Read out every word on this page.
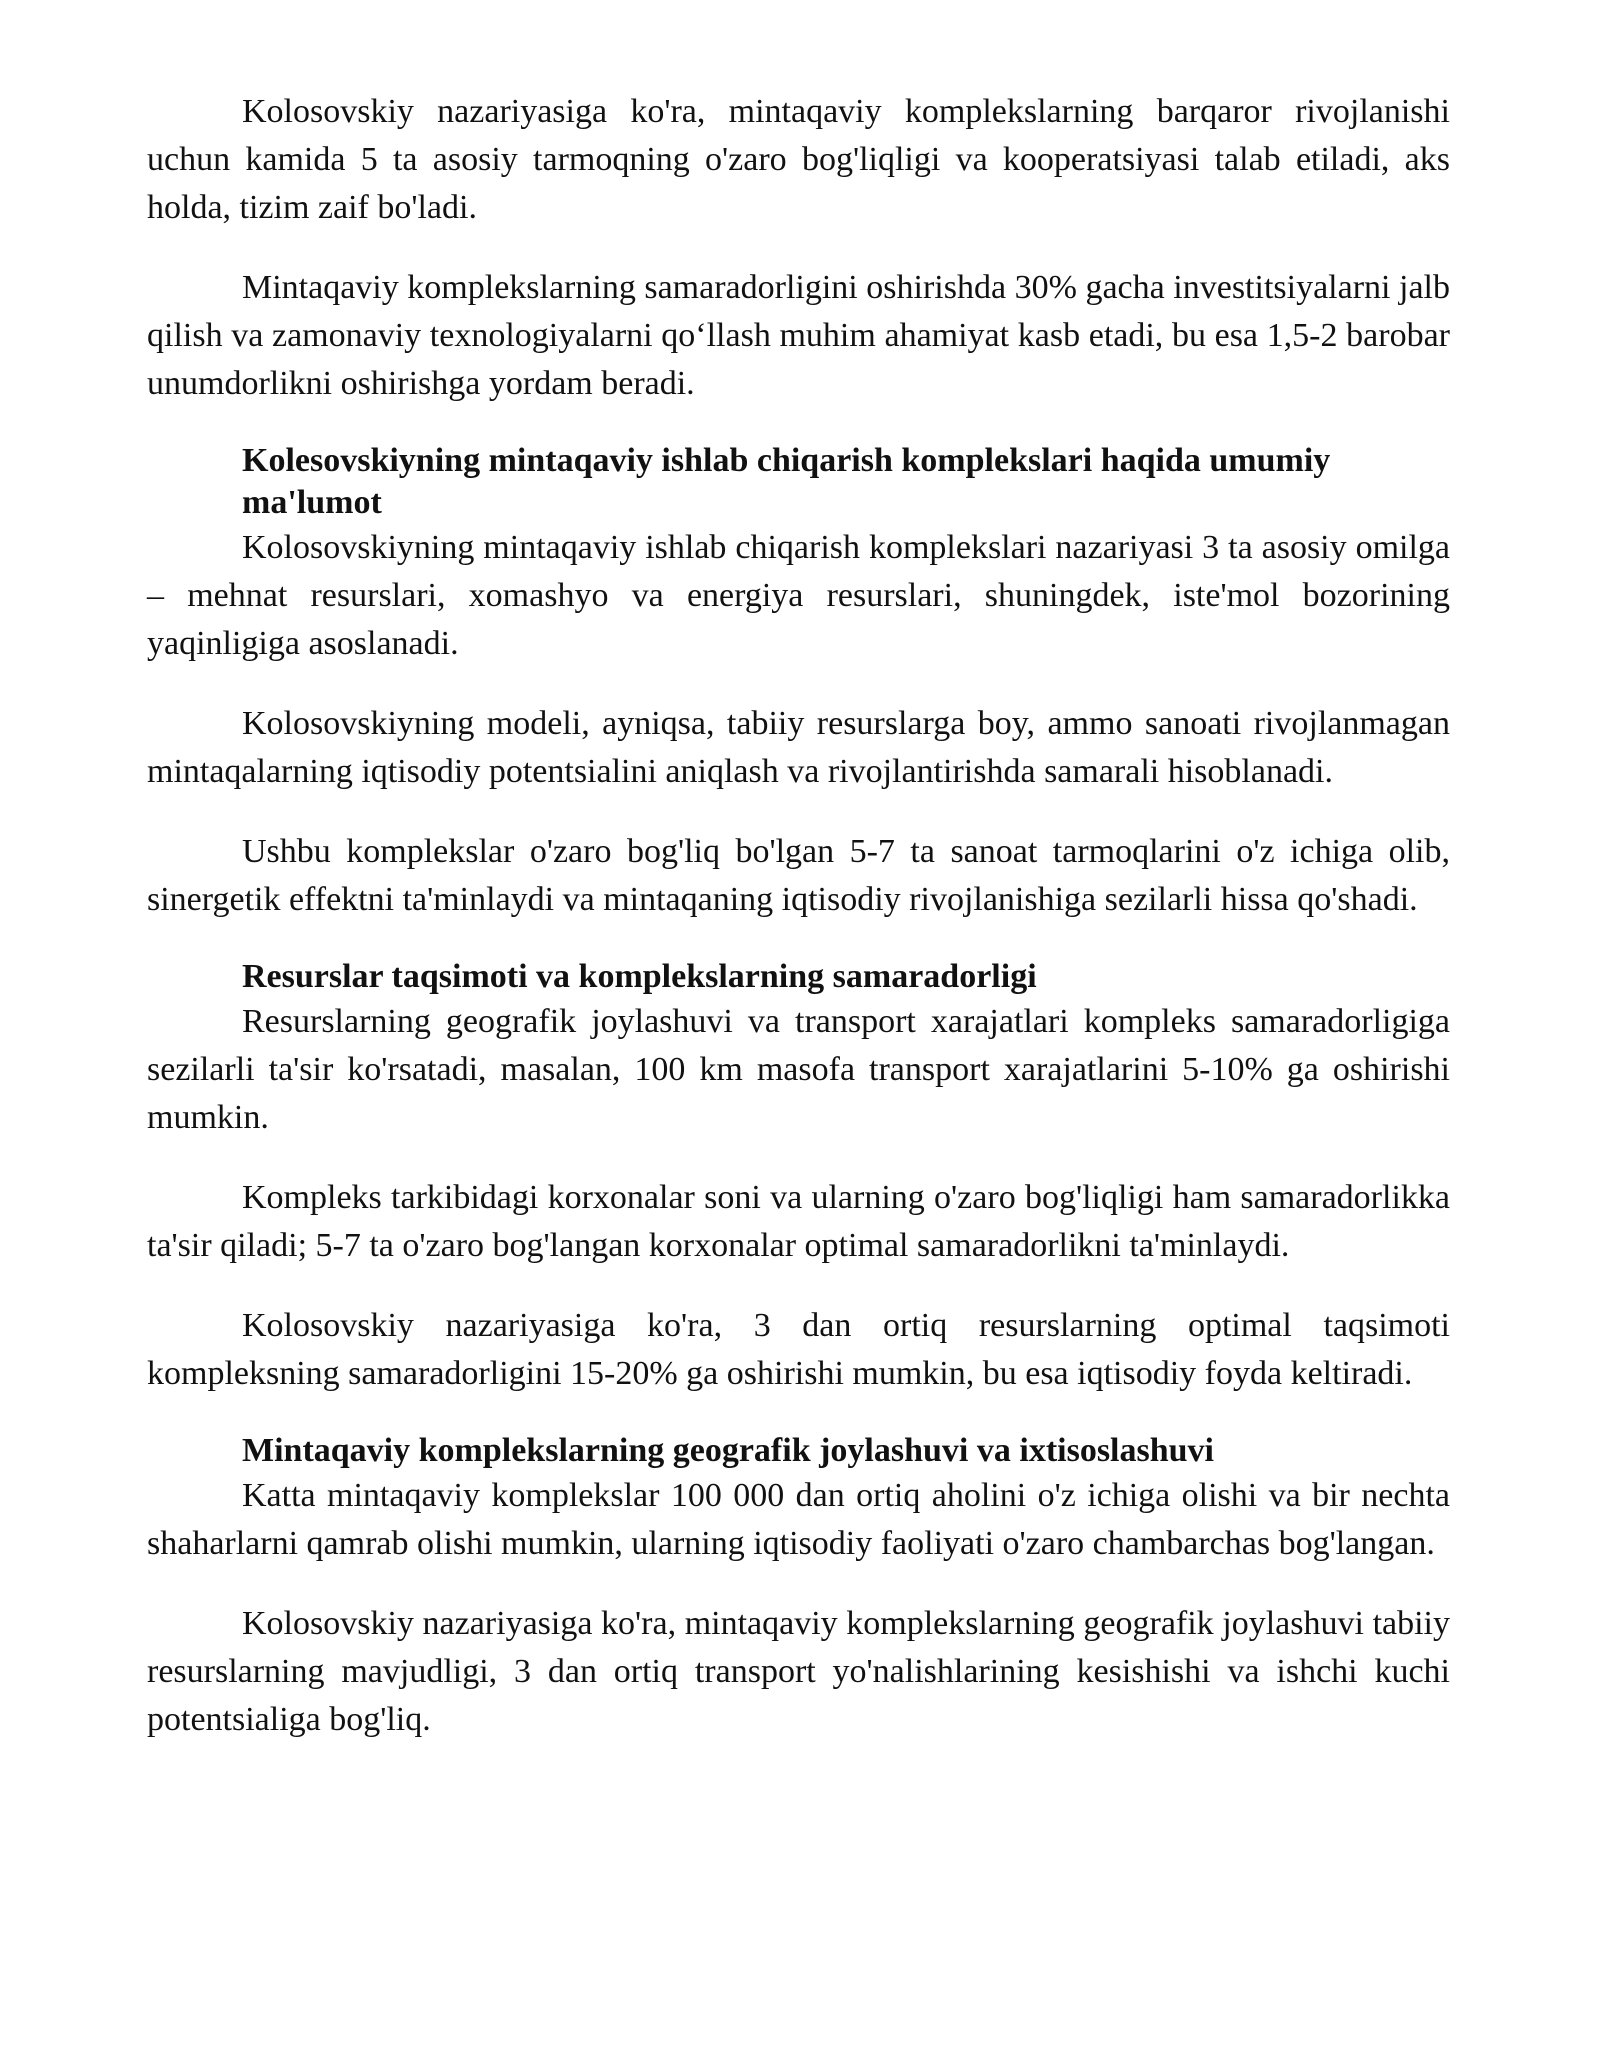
Kolosovskiy nazariyasiga ko'ra, mintaqaviy komplekslarning barqaror rivojlanishi uchun kamida 5 ta asosiy tarmoqning o'zaro bog'liqligi va kooperatsiyasi talab etiladi, aks holda, tizim zaif bo'ladi.

Mintaqaviy komplekslarning samaradorligini oshirishda 30% gacha investitsiyalarni jalb qilish va zamonaviy texnologiyalarni qo‘llash muhim ahamiyat kasb etadi, bu esa 1,5-2 barobar unumdorlikni oshirishga yordam beradi.

Kolesovskiyning mintaqaviy ishlab chiqarish komplekslari haqida umumiy ma'lumot

Kolosovskiyning mintaqaviy ishlab chiqarish komplekslari nazariyasi 3 ta asosiy omilga – mehnat resurslari, xomashyo va energiya resurslari, shuningdek, iste'mol bozorining yaqinligiga asoslanadi.

Kolosovskiyning modeli, ayniqsa, tabiiy resurslarga boy, ammo sanoati rivojlanmagan mintaqalarning iqtisodiy potentsialini aniqlash va rivojlantirishda samarali hisoblanadi.

Ushbu komplekslar o'zaro bog'liq bo'lgan 5-7 ta sanoat tarmoqlarini o'z ichiga olib, sinergetik effektni ta'minlaydi va mintaqaning iqtisodiy rivojlanishiga sezilarli hissa qo'shadi.

Resurslar taqsimoti va komplekslarning samaradorligi

Resurslarning geografik joylashuvi va transport xarajatlari kompleks samaradorligiga sezilarli ta'sir ko'rsatadi, masalan, 100 km masofa transport xarajatlarini 5-10% ga oshirishi mumkin.

Kompleks tarkibidagi korxonalar soni va ularning o'zaro bog'liqligi ham samaradorlikka ta'sir qiladi; 5-7 ta o'zaro bog'langan korxonalar optimal samaradorlikni ta'minlaydi.

Kolosovskiy nazariyasiga ko'ra, 3 dan ortiq resurslarning optimal taqsimoti kompleksning samaradorligini 15-20% ga oshirishi mumkin, bu esa iqtisodiy foyda keltiradi.

Mintaqaviy komplekslarning geografik joylashuvi va ixtisoslashuvi

Katta mintaqaviy komplekslar 100 000 dan ortiq aholini o'z ichiga olishi va bir nechta shaharlarni qamrab olishi mumkin, ularning iqtisodiy faoliyati o'zaro chambarchas bog'langan.

Kolosovskiy nazariyasiga ko'ra, mintaqaviy komplekslarning geografik joylashuvi tabiiy resurslarning mavjudligi, 3 dan ortiq transport yo'nalishlarining kesishishi va ishchi kuchi potentsialiga bog'liq.
